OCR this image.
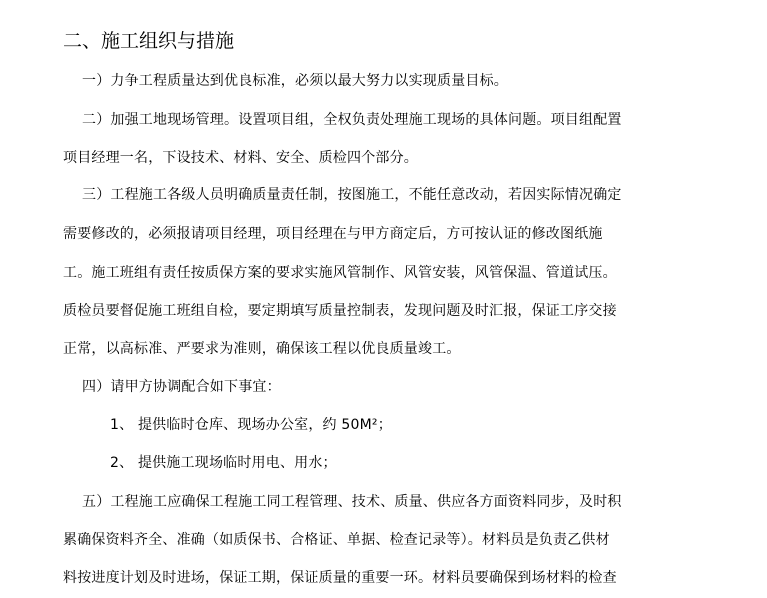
二、施工组织与措施
一）力争工程质量达到优良标准，必须以最大努力以实现质量目标。
二）加强工地现场管理。设置项目组，全权负责处理施工现场的具体问题。项目组配置
项目经理一名，下设技术、材料、安全、质检四个部分。
三）工程施工各级人员明确质量责任制，按图施工，不能任意改动，若因实际情况确定
需要修改的，必须报请项目经理，项目经理在与甲方商定后，方可按认证的修改图纸施
工。施工班组有责任按质保方案的要求实施风管制作、风管安装，风管保温、管道试压。
质检员要督促施工班组自检，要定期填写质量控制表，发现问题及时汇报，保证工序交接
正常，以高标准、严要求为准则，确保该工程以优良质量竣工。
四）请甲方协调配合如下事宜：
1、 提供临时仓库、现场办公室，约 50M²；
2、 提供施工现场临时用电、用水；
五）工程施工应确保工程施工同工程管理、技术、质量、供应各方面资料同步，及时积
累确保资料齐全、准确（如质保书、合格证、单据、检查记录等）。材料员是负责乙供材
料按进度计划及时进场，保证工期，保证质量的重要一环。材料员要确保到场材料的检查
